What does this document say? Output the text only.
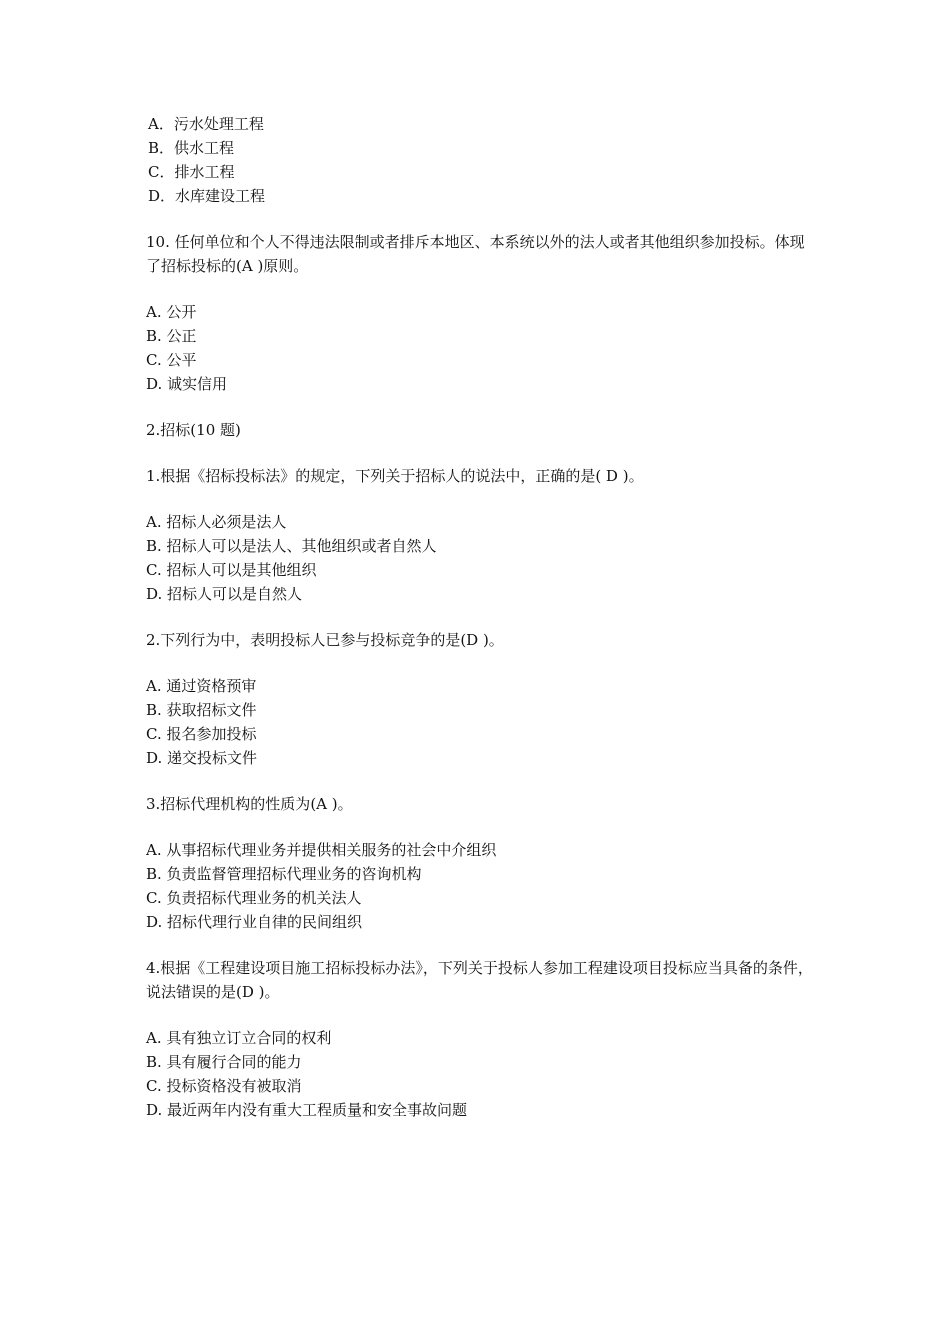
A．污水处理工程
B．供水工程
C．排水工程
D．水库建设工程
10. 任何单位和个人不得违法限制或者排斥本地区、本系统以外的法人或者其他组织参加投标。体现了招标投标的(A )原则。
A. 公开
B. 公正
C. 公平
D. 诚实信用
2.招标(10 题)
1.根据《招标投标法》的规定，下列关于招标人的说法中，正确的是( D )。
A. 招标人必须是法人
B. 招标人可以是法人、其他组织或者自然人
C. 招标人可以是其他组织
D. 招标人可以是自然人
2.下列行为中，表明投标人已参与投标竞争的是(D )。
A. 通过资格预审
B. 获取招标文件
C. 报名参加投标
D. 递交投标文件
3.招标代理机构的性质为(A )。
A. 从事招标代理业务并提供相关服务的社会中介组织
B. 负责监督管理招标代理业务的咨询机构
C. 负责招标代理业务的机关法人
D. 招标代理行业自律的民间组织
4.根据《工程建设项目施工招标投标办法》，下列关于投标人参加工程建设项目投标应当具备的条件，说法错误的是(D )。
A. 具有独立订立合同的权利
B. 具有履行合同的能力
C. 投标资格没有被取消
D. 最近两年内没有重大工程质量和安全事故问题
